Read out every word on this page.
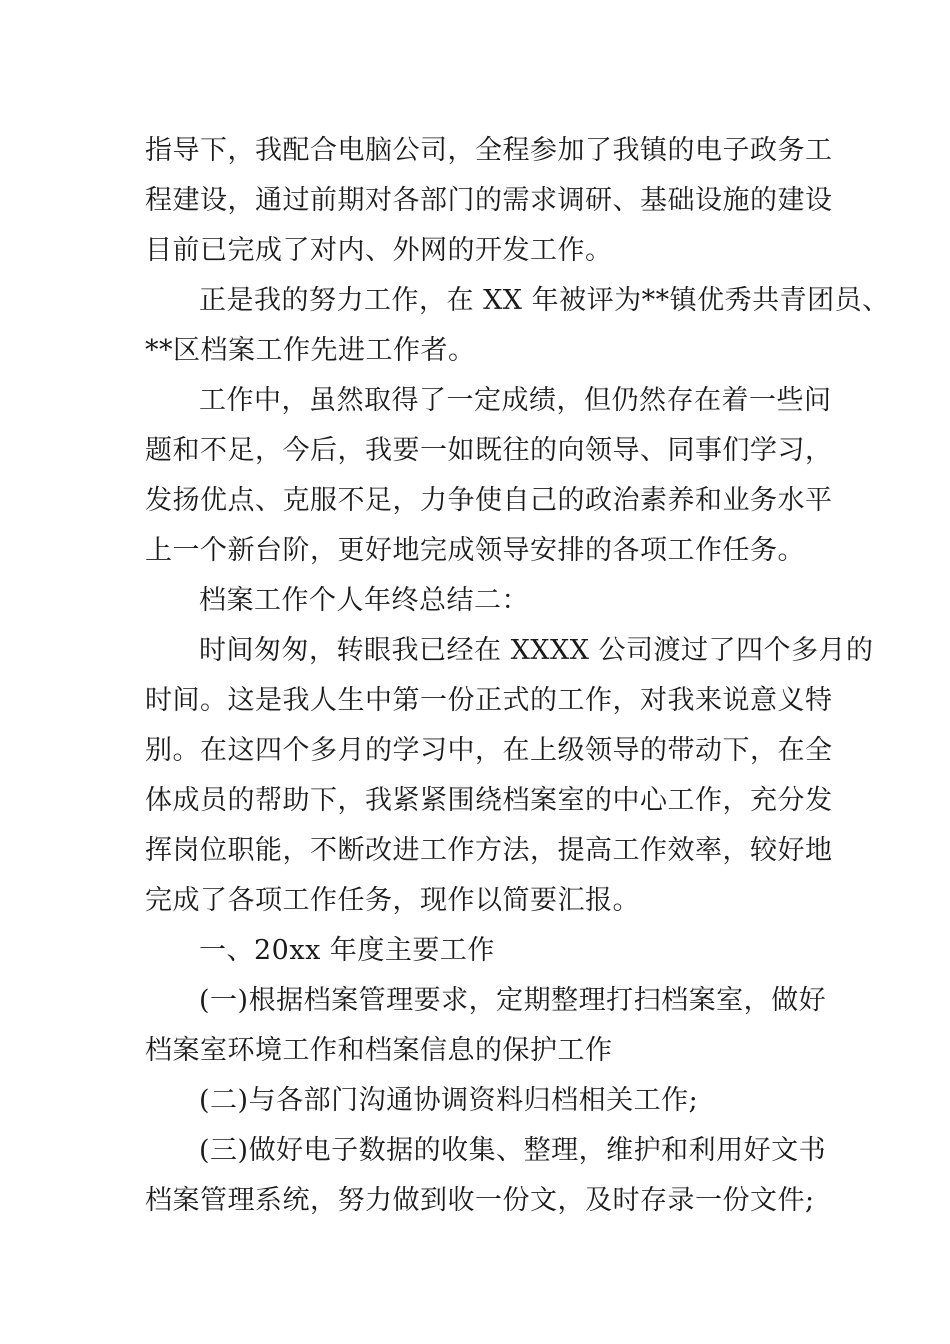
指导下，我配合电脑公司，全程参加了我镇的电子政务工
程建设，通过前期对各部门的需求调研、基础设施的建设
目前已完成了对内、外网的开发工作。
正是我的努力工作，在 XX 年被评为**镇优秀共青团员、
**区档案工作先进工作者。
工作中，虽然取得了一定成绩，但仍然存在着一些问
题和不足，今后，我要一如既往的向领导、同事们学习，
发扬优点、克服不足，力争使自己的政治素养和业务水平
上一个新台阶，更好地完成领导安排的各项工作任务。
档案工作个人年终总结二：
时间匆匆，转眼我已经在 XXXX 公司渡过了四个多月的
时间。这是我人生中第一份正式的工作，对我来说意义特
别。在这四个多月的学习中，在上级领导的带动下，在全
体成员的帮助下，我紧紧围绕档案室的中心工作，充分发
挥岗位职能，不断改进工作方法，提高工作效率，较好地
完成了各项工作任务，现作以简要汇报。
一、20xx 年度主要工作
(一)根据档案管理要求，定期整理打扫档案室，做好
档案室环境工作和档案信息的保护工作
(二)与各部门沟通协调资料归档相关工作;
(三)做好电子数据的收集、整理，维护和利用好文书
档案管理系统，努力做到收一份文，及时存录一份文件;
